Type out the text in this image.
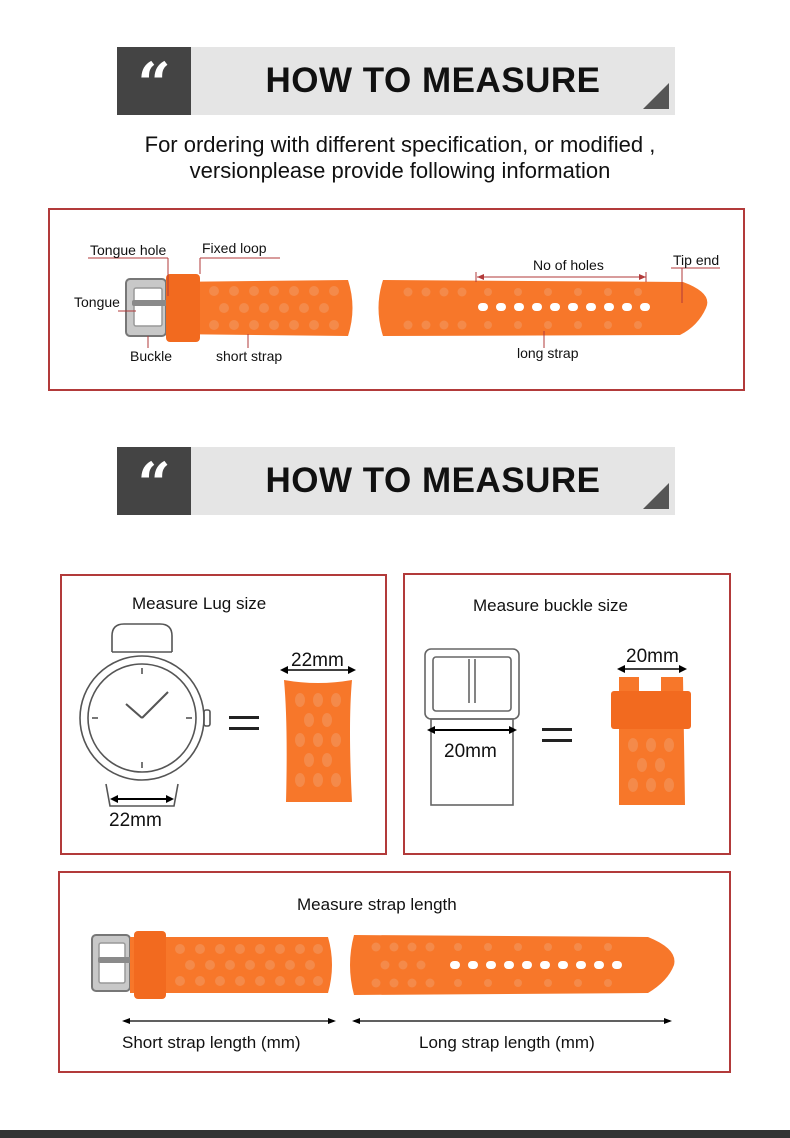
“	HOW TO MEASURE
For ordering with different specification, or modified ,
versionplease provide following information
Tongue hole	Fixed loop
Tongue
Buckle	short strap
No of holes	Tip end
long strap
“	HOW TO MEASURE
Measure Lug size
22mm
22mm
Measure buckle size
20mm
20mm
Measure strap length
Short strap length (mm)	Long strap length (mm)
